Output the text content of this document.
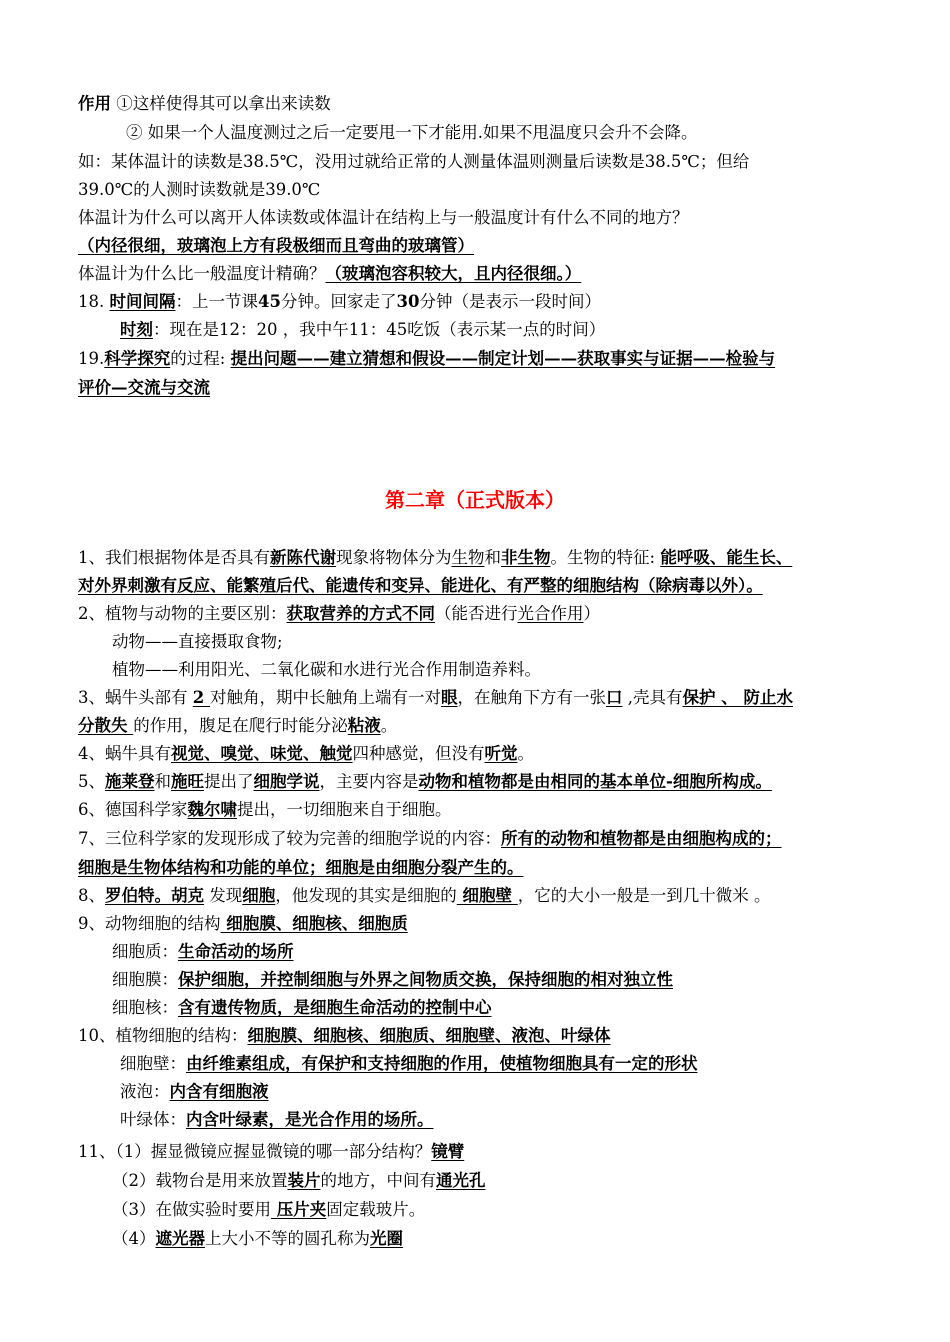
作用 ①这样使得其可以拿出来读数
② 如果一个人温度测过之后一定要甩一下才能用.如果不甩温度只会升不会降。
如：某体温计的读数是38.5℃，没用过就给正常的人测量体温则测量后读数是38.5℃；但给
39.0℃的人测时读数就是39.0℃
体温计为什么可以离开人体读数或体温计在结构上与一般温度计有什么不同的地方？
（内径很细，玻璃泡上方有段极细而且弯曲的玻璃管）
体温计为什么比一般温度计精确？（玻璃泡容积较大，且内径很细。）
18. 时间间隔：上一节课45分钟。回家走了30分钟（是表示一段时间）
时刻：现在是12：20 ，我中午11：45吃饭（表示某一点的时间）
19.科学探究的过程: 提出问题——建立猜想和假设——制定计划——获取事实与证据——检验与
评价—交流与交流
第二章（正式版本）
1、我们根据物体是否具有新陈代谢现象将物体分为生物和非生物。生物的特征: 能呼吸、能生长、
对外界刺激有反应、能繁殖后代、能遗传和变异、能进化、有严整的细胞结构（除病毒以外）。
2、植物与动物的主要区别：获取营养的方式不同（能否进行光合作用）
动物——直接摄取食物;
植物——利用阳光、二氧化碳和水进行光合作用制造养料。
3、蜗牛头部有 2 对触角，期中长触角上端有一对眼，在触角下方有一张口 ,壳具有保护 、 防止水
分散失 的作用，腹足在爬行时能分泌粘液。
4、蜗牛具有视觉、嗅觉、味觉、触觉四种感觉，但没有听觉。
5、施莱登和施旺提出了细胞学说，主要内容是动物和植物都是由相同的基本单位-细胞所构成。
6、德国科学家魏尔啸提出，一切细胞来自于细胞。
7、三位科学家的发现形成了较为完善的细胞学说的内容：所有的动物和植物都是由细胞构成的；
细胞是生物体结构和功能的单位；细胞是由细胞分裂产生的。
8、罗伯特。胡克 发现细胞，他发现的其实是细胞的 细胞壁 ，它的大小一般是一到几十微米 。
9、动物细胞的结构 细胞膜、细胞核、细胞质
细胞质：生命活动的场所
细胞膜：保护细胞，并控制细胞与外界之间物质交换，保持细胞的相对独立性
细胞核：含有遗传物质，是细胞生命活动的控制中心
10、植物细胞的结构：细胞膜、细胞核、细胞质、细胞壁、液泡、叶绿体
细胞壁：由纤维素组成，有保护和支持细胞的作用，使植物细胞具有一定的形状
液泡：内含有细胞液
叶绿体：内含叶绿素，是光合作用的场所。
11、（1）握显微镜应握显微镜的哪一部分结构？镜臂
（2）载物台是用来放置装片的地方，中间有通光孔
（3）在做实验时要用 压片夹固定载玻片。
（4）遮光器上大小不等的圆孔称为光圈
